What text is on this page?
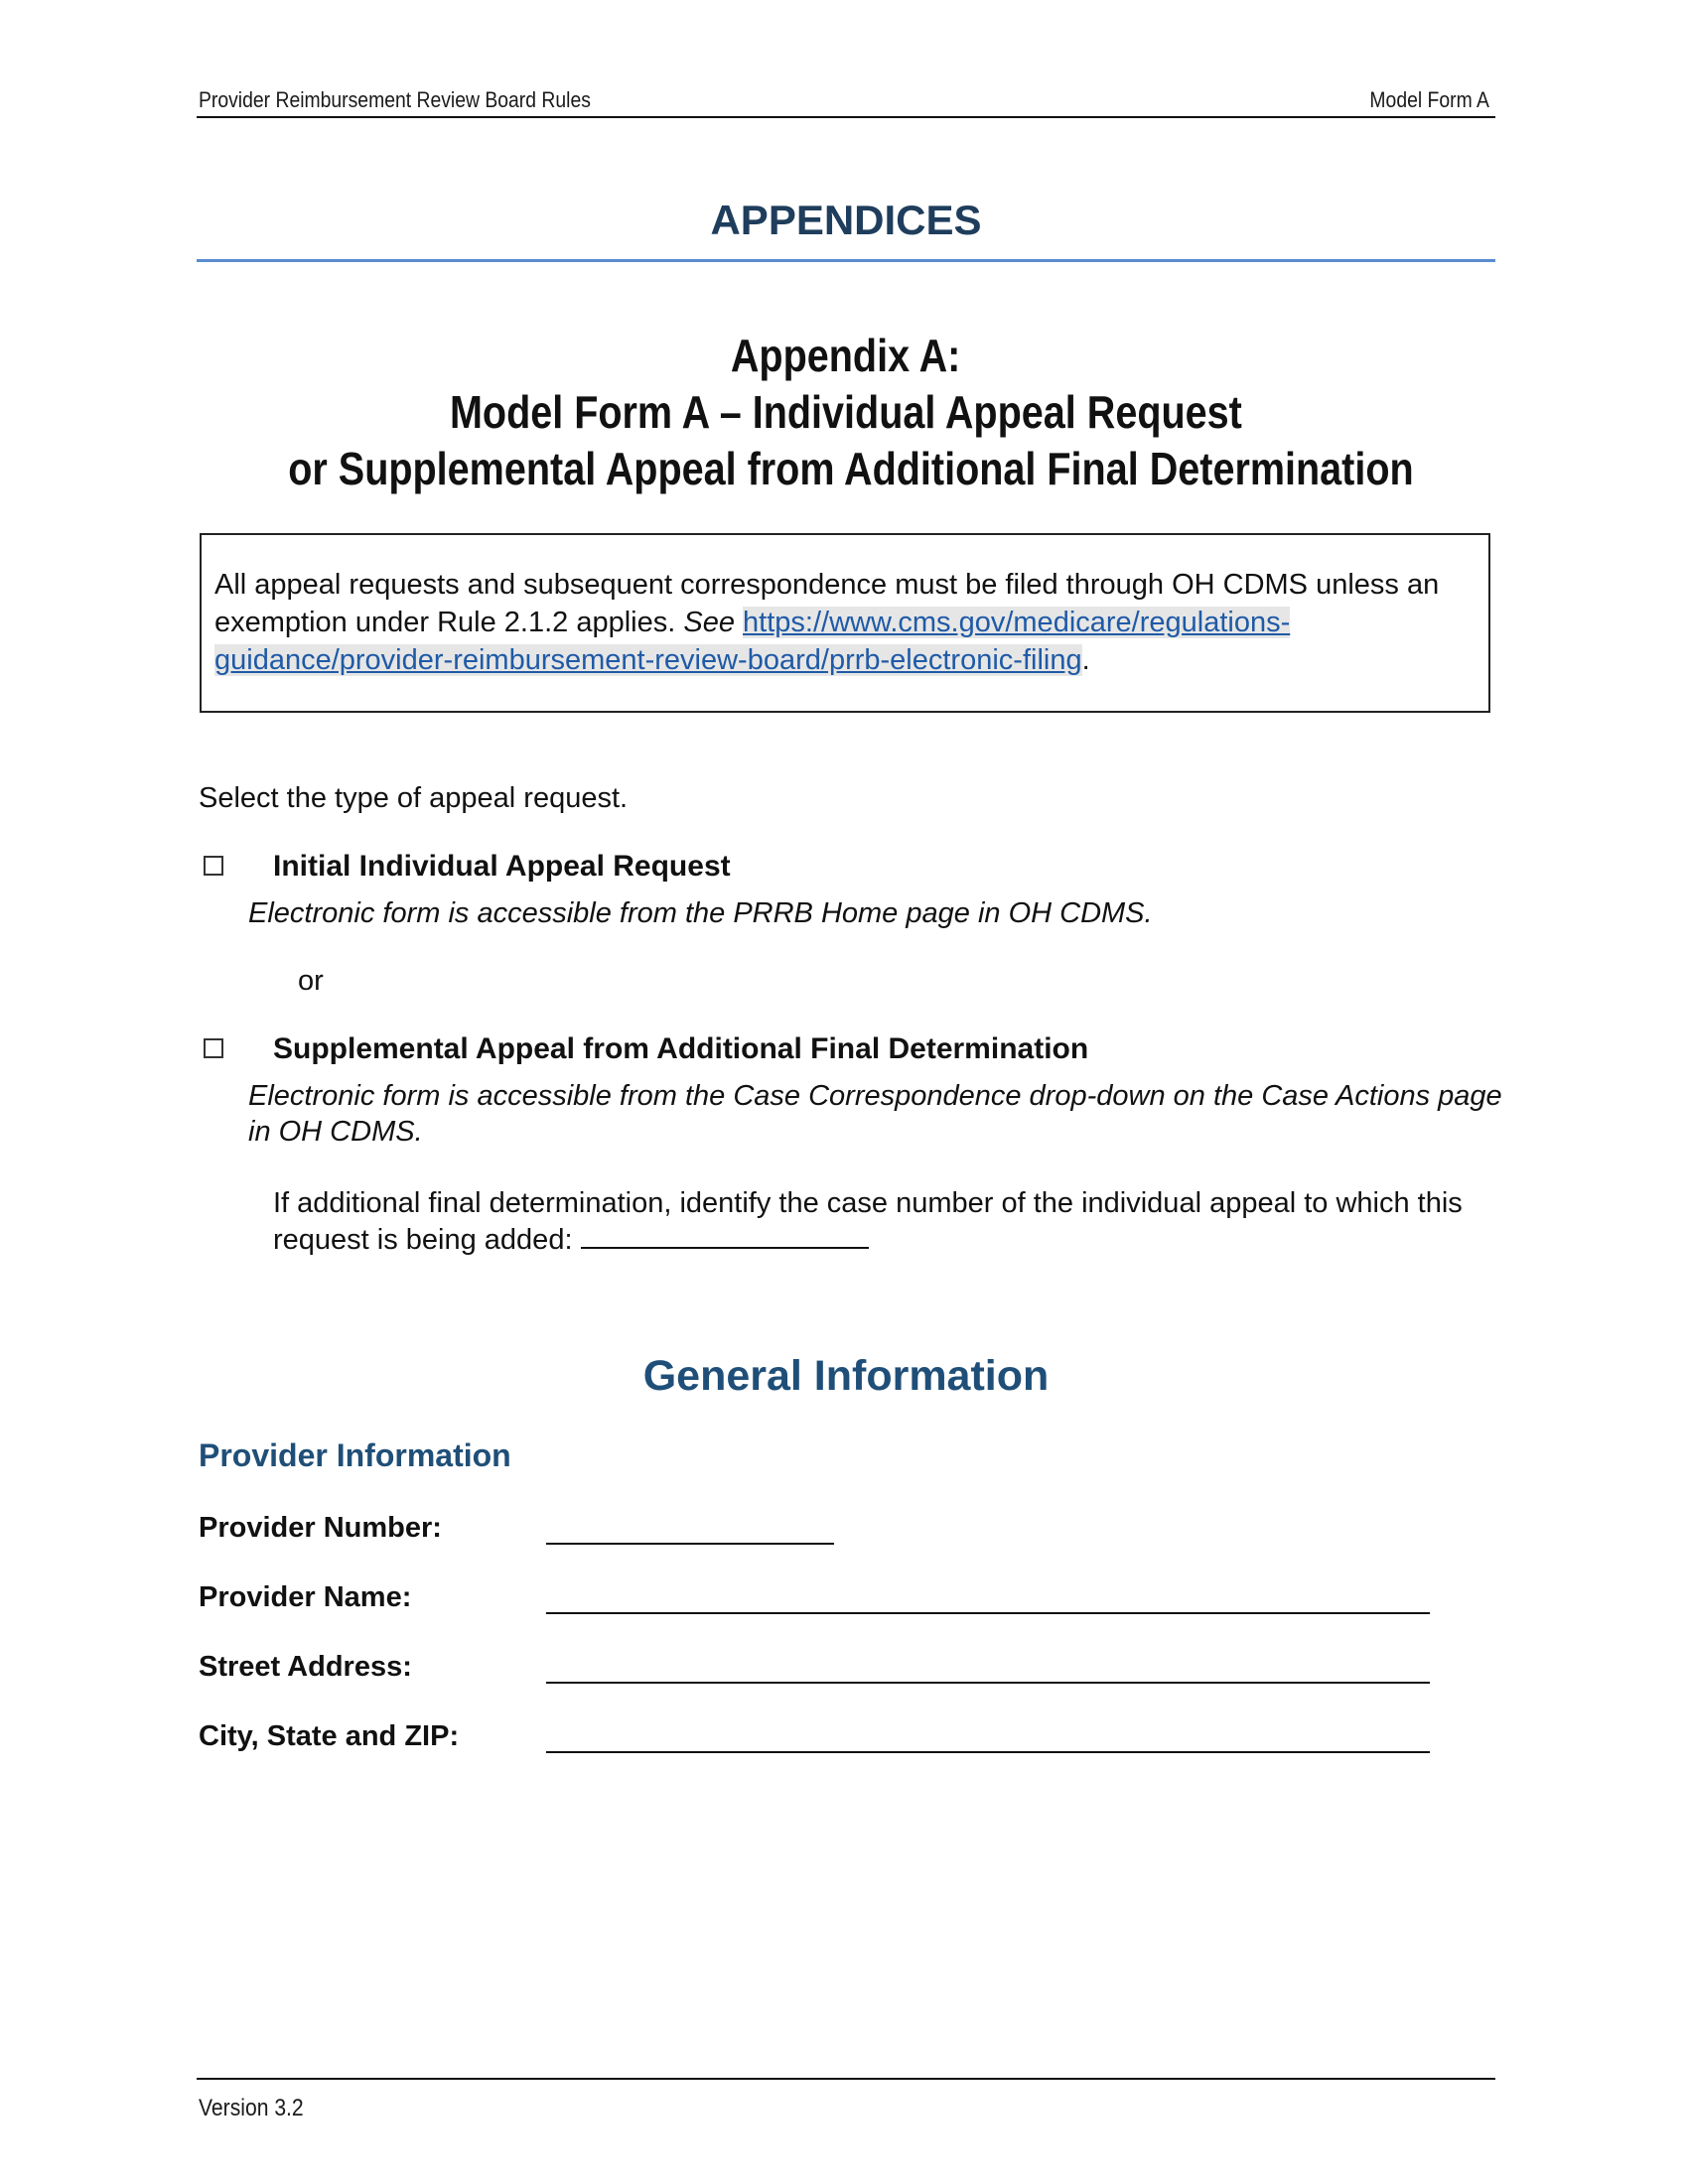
Provider Reimbursement Review Board Rules	Model Form A
APPENDICES
Appendix A:
Model Form A – Individual Appeal Request
or Supplemental Appeal from Additional Final Determination
All appeal requests and subsequent correspondence must be filed through OH CDMS unless an exemption under Rule 2.1.2 applies. See https://www.cms.gov/medicare/regulations-guidance/provider-reimbursement-review-board/prrb-electronic-filing.
Select the type of appeal request.
Initial Individual Appeal Request
Electronic form is accessible from the PRRB Home page in OH CDMS.
or
Supplemental Appeal from Additional Final Determination
Electronic form is accessible from the Case Correspondence drop-down on the Case Actions page in OH CDMS.
If additional final determination, identify the case number of the individual appeal to which this request is being added:
General Information
Provider Information
Provider Number:
Provider Name:
Street Address:
City, State and ZIP:
Version 3.2
